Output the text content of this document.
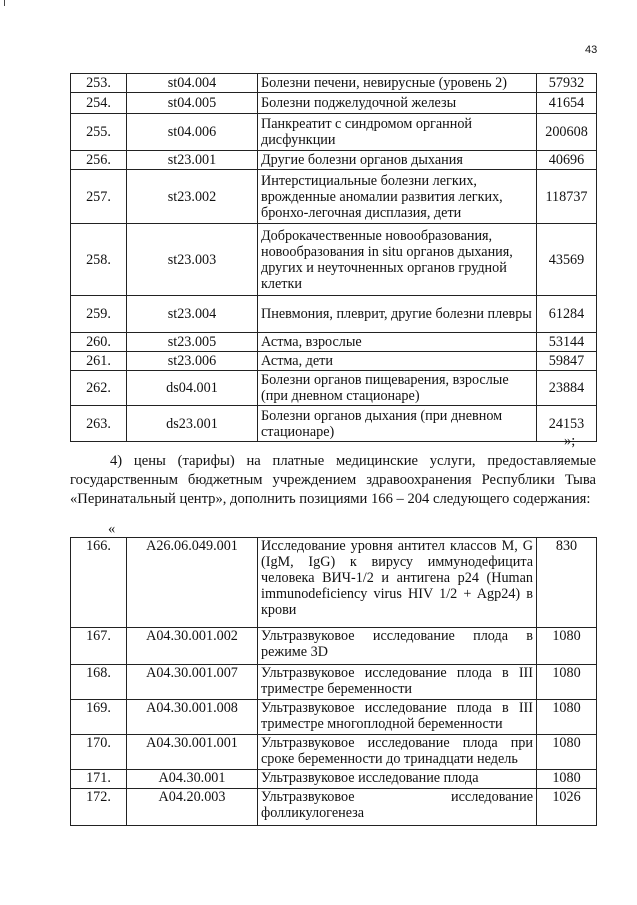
43
253.	st04.004	Болезни печени, невирусные (уровень 2)	57932
254.	st04.005	Болезни поджелудочной железы	41654
255.	st04.006	Панкреатит с синдромом органной дисфункции	200608
256.	st23.001	Другие болезни органов дыхания	40696
257.	st23.002	Интерстициальные болезни легких, врожденные аномалии развития легких, бронхо-легочная дисплазия, дети	118737
258.	st23.003	Доброкачественные новообразования, новообразования in situ органов дыхания, других и неуточненных органов грудной клетки	43569
259.	st23.004	Пневмония, плеврит, другие болезни плевры	61284
260.	st23.005	Астма, взрослые	53144
261.	st23.006	Астма, дети	59847
262.	ds04.001	Болезни органов пищеварения, взрослые (при дневном стационаре)	23884
263.	ds23.001	Болезни органов дыхания (при дневном стационаре)	24153
»;

4) цены (тарифы) на платные медицинские услуги, предоставляемые государственным бюджетным учреждением здравоохранения Республики Тыва «Перинатальный центр», дополнить позициями 166 – 204 следующего содержания:

«
166.	A26.06.049.001	Исследование уровня антител классов M, G (IgM, IgG) к вирусу иммунодефицита человека ВИЧ-1/2 и антигена p24 (Human immunodeficiency virus HIV 1/2 + Agp24) в крови	830
167.	A04.30.001.002	Ультразвуковое исследование плода в режиме 3D	1080
168.	A04.30.001.007	Ультразвуковое исследование плода в III триместре беременности	1080
169.	A04.30.001.008	Ультразвуковое исследование плода в III триместре многоплодной беременности	1080
170.	A04.30.001.001	Ультразвуковое исследование плода при сроке беременности до тринадцати недель	1080
171.	A04.30.001	Ультразвуковое исследование плода	1080
172.	A04.20.003	Ультразвуковое исследование фолликулогенеза	1026
